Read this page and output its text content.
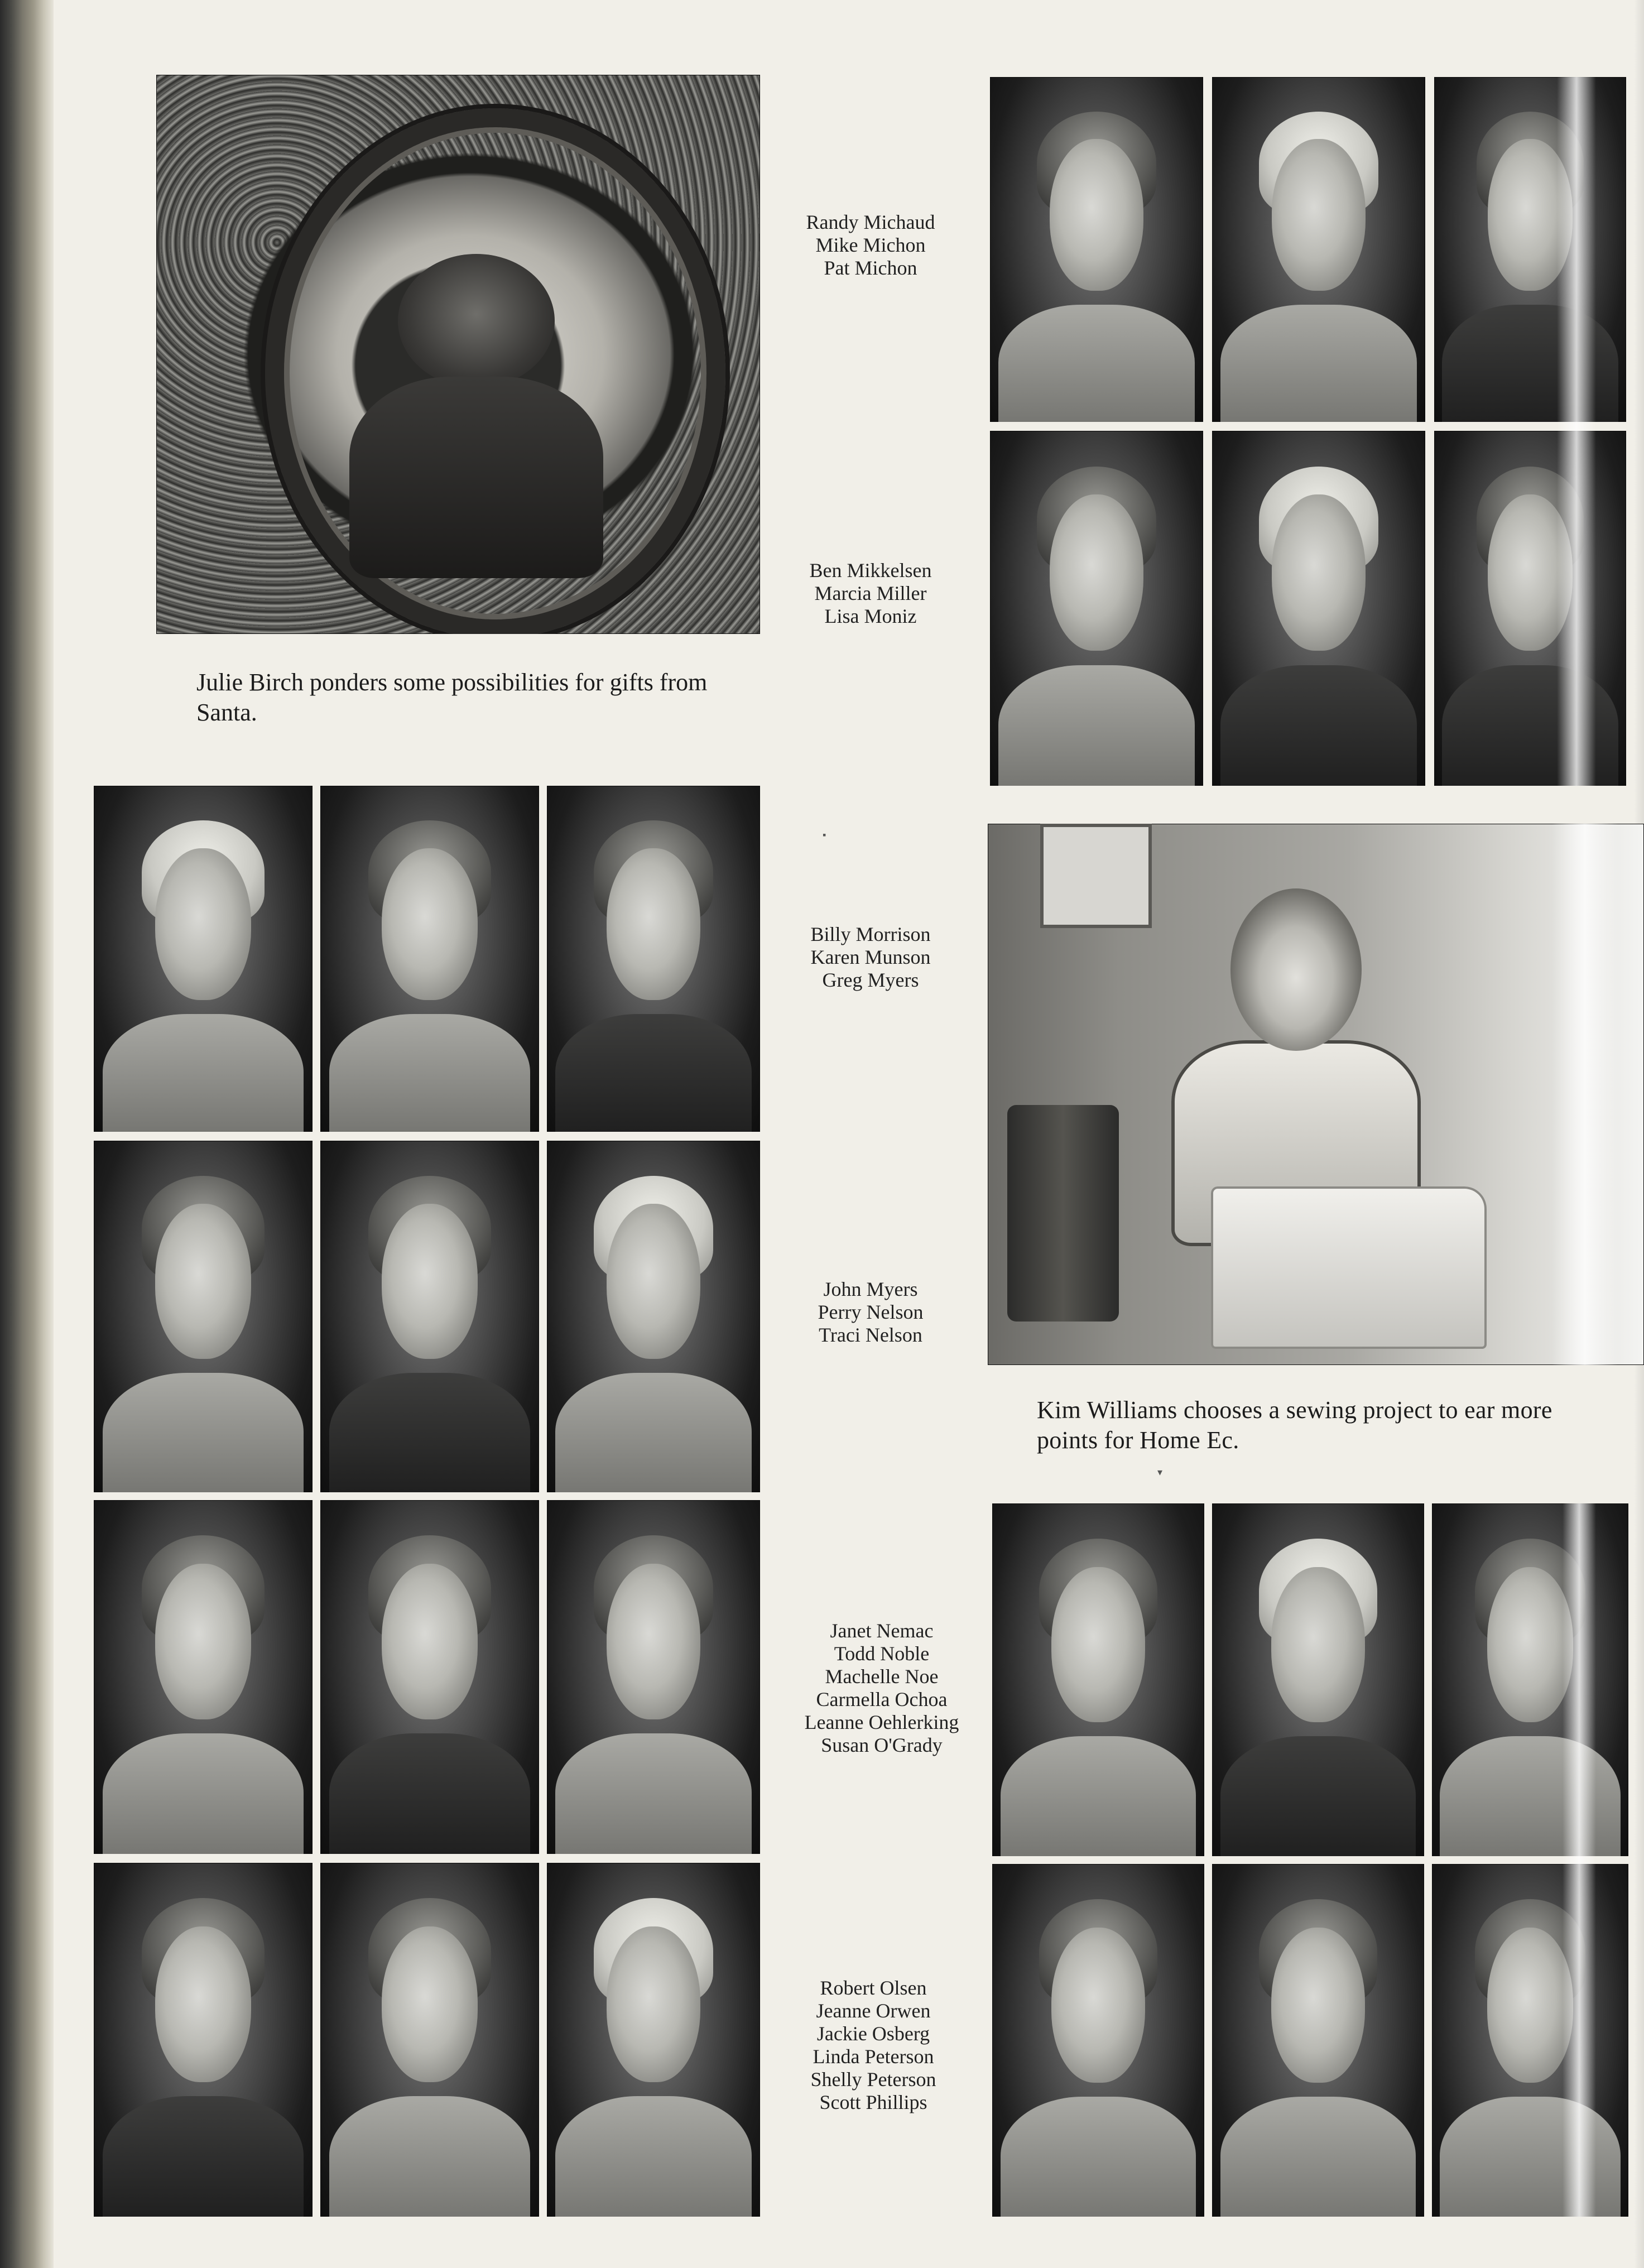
Julie Birch ponders some possibilities for gifts from Santa.
Randy Michaud
Mike Michon
Pat Michon
Ben Mikkelsen
Marcia Miller
Lisa Moniz
▪
Billy Morrison
Karen Munson
Greg Myers
John Myers
Perry Nelson
Traci Nelson
Janet Nemac
Todd Noble
Machelle Noe
Carmella Ochoa
Leanne Oehlerking
Susan O'Grady
Robert Olsen
Jeanne Orwen
Jackie Osberg
Linda Peterson
Shelly Peterson
Scott Phillips
Kim Williams chooses a sewing project to ear more points for Home Ec.
▾
